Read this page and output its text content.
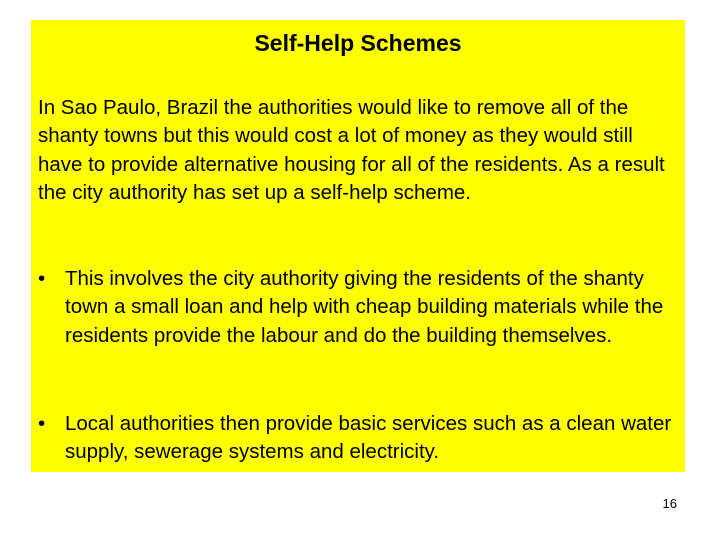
Self-Help Schemes

In Sao Paulo, Brazil the authorities would like to remove all of the shanty towns but this would cost a lot of money as they would still have to provide alternative housing for all of the residents. As a result the city authority has set up a self-help scheme.

• This involves the city authority giving the residents of the shanty town a small loan and help with cheap building materials while the residents provide the labour and do the building themselves.
• Local authorities then provide basic services such as a clean water supply, sewerage systems and electricity.
16
